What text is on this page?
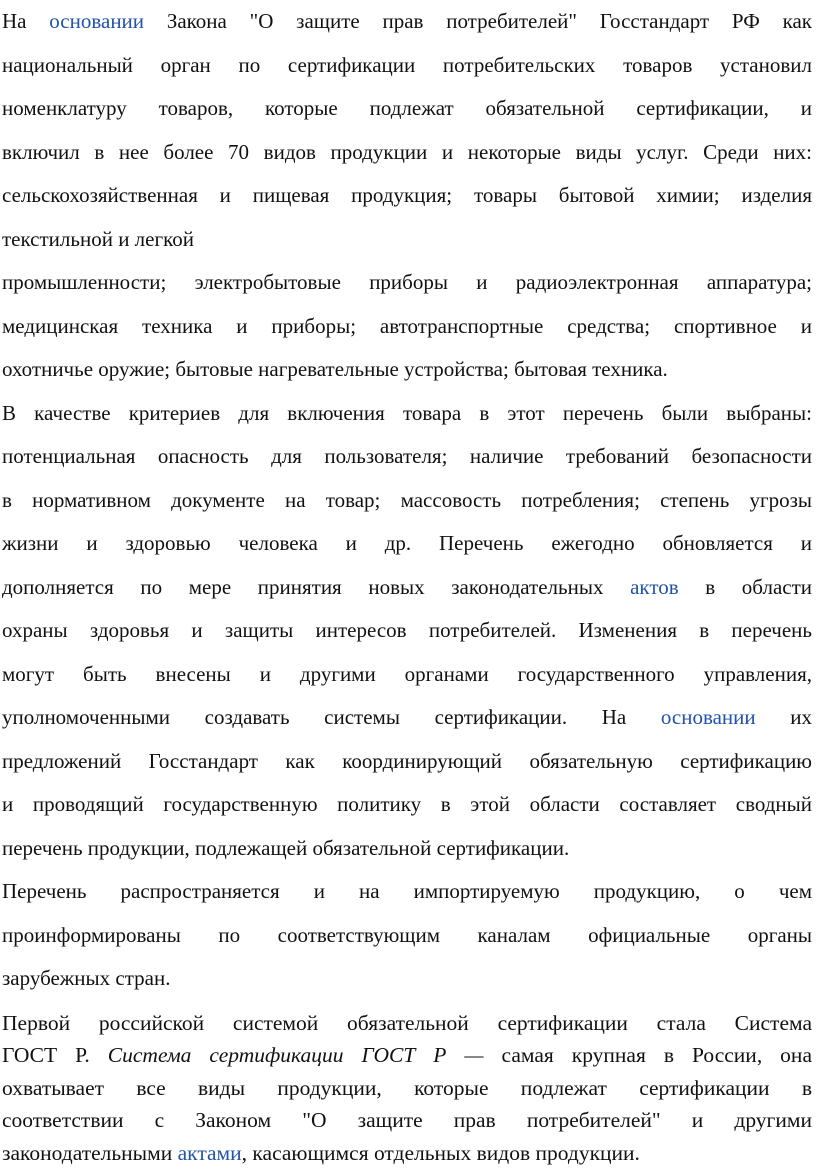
На основании Закона "О защите прав потребителей" Госстандарт РФ как
национальный орган по сертификации потребительских товаров установил
номенклатуру товаров, которые подлежат обязательной сертификации, и
включил в нее более 70 видов продукции и некоторые виды услуг. Среди них:
сельскохозяйственная и пищевая продукция; товары бытовой химии; изделия
текстильной и легкой

промышленности; электробытовые приборы и радиоэлектронная аппаратура;
медицинская техника и приборы; автотранспортные средства; спортивное и
охотничье оружие; бытовые нагревательные устройства; бытовая техника.

В качестве критериев для включения товара в этот перечень были выбраны:
потенциальная опасность для пользователя; наличие требований безопасности
в нормативном документе на товар; массовость потребления; степень угрозы
жизни и здоровью человека и др. Перечень ежегодно обновляется и
дополняется по мере принятия новых законодательных актов в области
охраны здоровья и защиты интересов потребителей. Изменения в перечень
могут быть внесены и другими органами государственного управления,
уполномоченными создавать системы сертификации. На основании их
предложений Госстандарт как координирующий обязательную сертификацию
и проводящий государственную политику в этой области составляет сводный
перечень продукции, подлежащей обязательной сертификации.

Перечень распространяется и на импортируемую продукцию, о чем
проинформированы по соответствующим каналам официальные органы
зарубежных стран.

Первой российской системой обязательной сертификации стала Система
ГОСТ Р. Система сертификации ГОСТ Р — самая крупная в России, она
охватывает все виды продукции, которые подлежат сертификации в
соответствии с Законом "О защите прав потребителей" и другими
законодательными актами, касающимся отдельных видов продукции.
